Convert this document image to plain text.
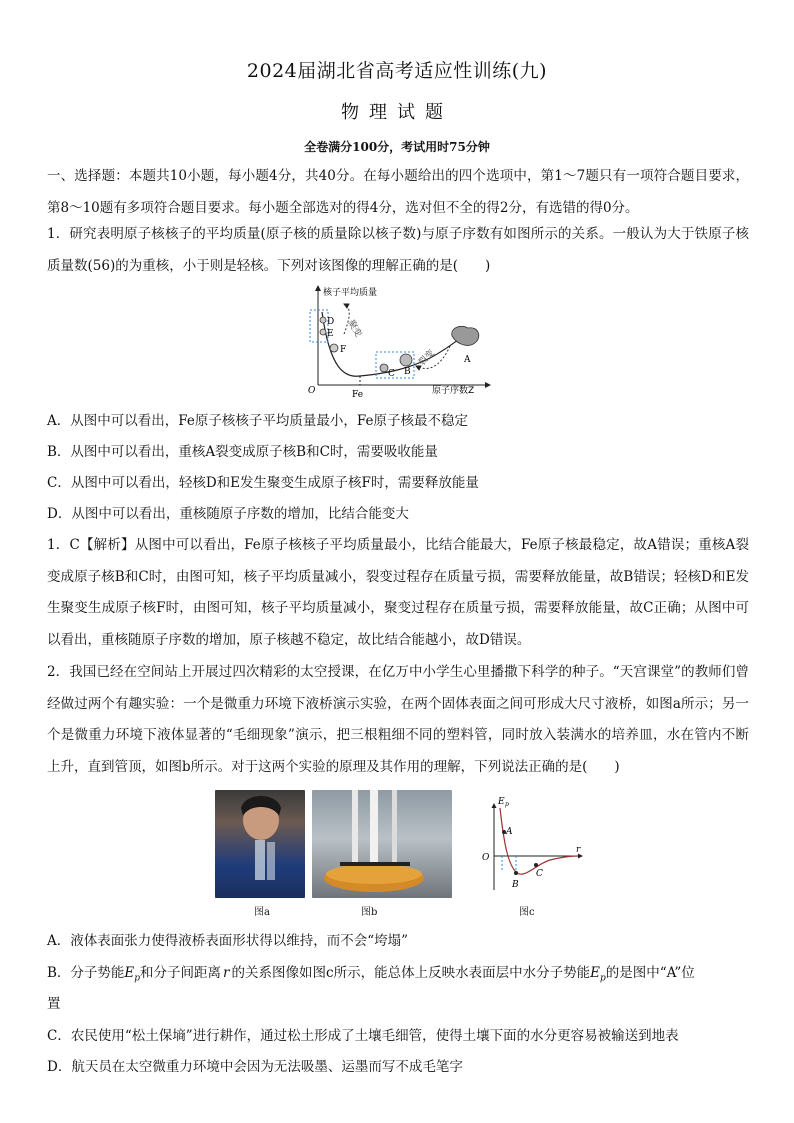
2024届湖北省高考适应性训练(九)
物理试题
全卷满分100分，考试用时75分钟
一、选择题：本题共10小题，每小题4分，共40分。在每小题给出的四个选项中，第1～7题只有一项符合题目要求，第8～10题有多项符合题目要求。每小题全部选对的得4分，选对但不全的得2分，有选错的得0分。
1．研究表明原子核核子的平均质量(原子核的质量除以核子数)与原子序数有如图所示的关系。一般认为大于铁原子核质量数(56)的为重核，小于则是轻核。下列对该图像的理解正确的是(　　)
核子平均质量
原子序数Z
O	Fe
聚变
裂变	A
B
C
D
E
F
A．从图中可以看出，Fe原子核核子平均质量最小，Fe原子核最不稳定
B．从图中可以看出，重核A裂变成原子核B和C时，需要吸收能量
C．从图中可以看出，轻核D和E发生聚变生成原子核F时，需要释放能量
D．从图中可以看出，重核随原子序数的增加，比结合能变大
1．C【解析】从图中可以看出，Fe原子核核子平均质量最小，比结合能最大，Fe原子核最稳定，故A错误；重核A裂变成原子核B和C时，由图可知，核子平均质量减小，裂变过程存在质量亏损，需要释放能量，故B错误；轻核D和E发生聚变生成原子核F时，由图可知，核子平均质量减小，聚变过程存在质量亏损，需要释放能量，故C正确；从图中可以看出，重核随原子序数的增加，原子核越不稳定，故比结合能越小，故D错误。
2．我国已经在空间站上开展过四次精彩的太空授课，在亿万中小学生心里播撒下科学的种子。“天宫课堂”的教师们曾经做过两个有趣实验：一个是微重力环境下液桥演示实验，在两个固体表面之间可形成大尺寸液桥，如图a所示；另一个是微重力环境下液体显著的“毛细现象”演示，把三根粗细不同的塑料管，同时放入装满水的培养皿，水在管内不断上升，直到管顶，如图b所示。对于这两个实验的原理及其作用的理解，下列说法正确的是(　　)
图a	图b
E p
r
O
A
B
C
图c
A．液体表面张力使得液桥表面形状得以维持，而不会“垮塌”
B．分子势能$E_p$和分子间距离 r 的关系图像如图c所示，能总体上反映水表面层中水分子势能$E_p$的是图中“A”位
置
C．农民使用“松土保墒”进行耕作，通过松土形成了土壤毛细管，使得土壤下面的水分更容易被输送到地表
D．航天员在太空微重力环境中会因为无法吸墨、运墨而写不成毛笔字
